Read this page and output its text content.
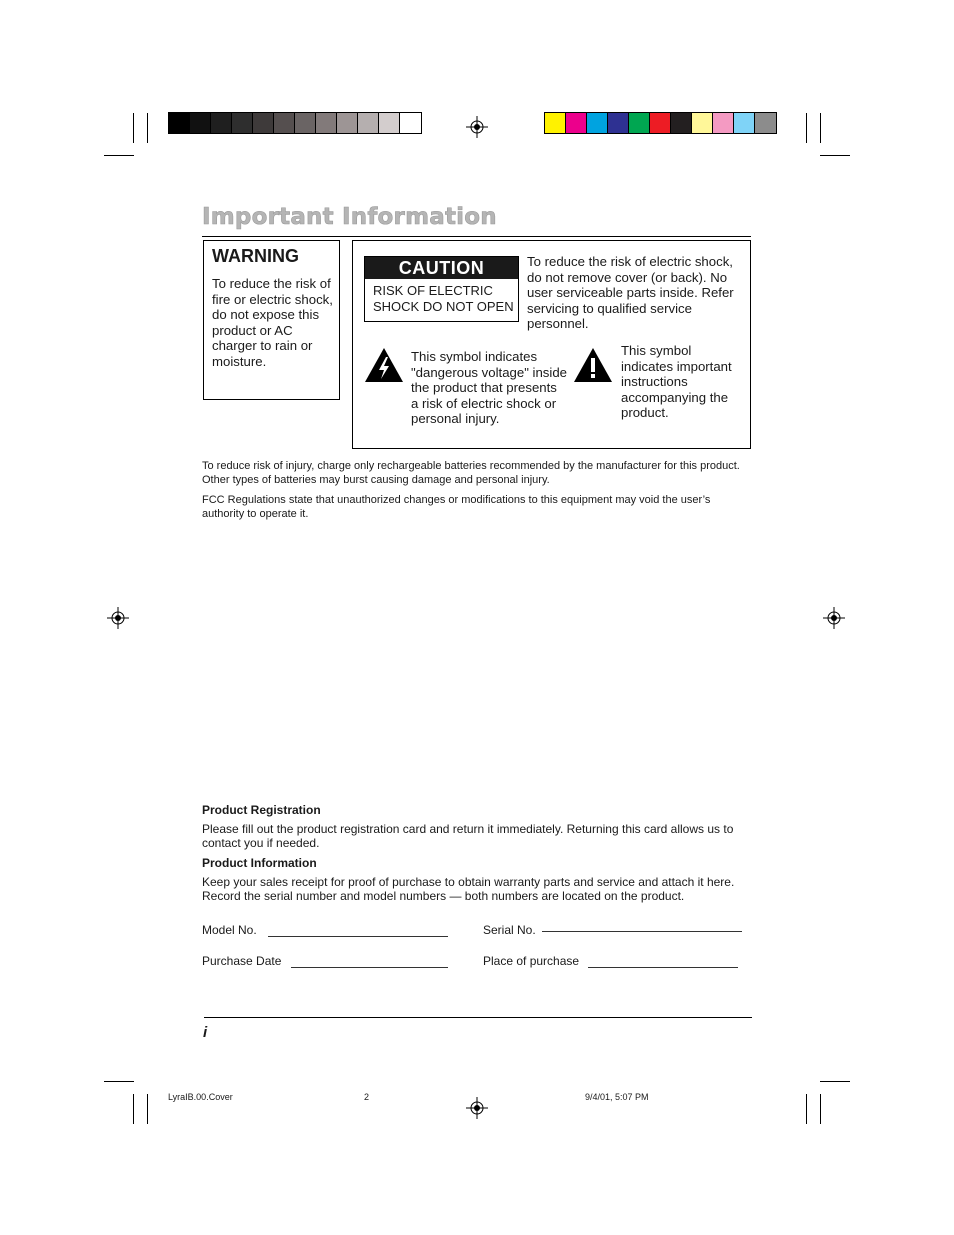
Important Information
WARNING
To reduce the risk of fire or electric shock, do not expose this product or AC charger to rain or moisture.
CAUTION
RISK OF ELECTRIC
SHOCK DO NOT OPEN
To reduce the risk of electric shock, do not remove cover (or back). No user serviceable parts inside. Refer servicing to qualified service personnel.
This symbol indicates "dangerous voltage" inside the product that presents a risk of electric shock or personal injury.
This symbol indicates important instructions accompanying the product.
To reduce risk of injury, charge only rechargeable batteries recommended by the manufacturer for this product. Other types of batteries may burst causing damage and personal injury.
FCC Regulations state that unauthorized changes or modifications to this equipment may void the user’s authority to operate it.
Product Registration
Please fill out the product registration card and return it immediately. Returning this card allows us to contact you if needed.
Product Information
Keep your sales receipt for proof of purchase to obtain warranty parts and service and attach it here. Record the serial number and model numbers — both numbers are located on the product.
Model No.	Serial No.
Purchase Date	Place of purchase
i
LyraIB.00.Cover	2	9/4/01, 5:07 PM
